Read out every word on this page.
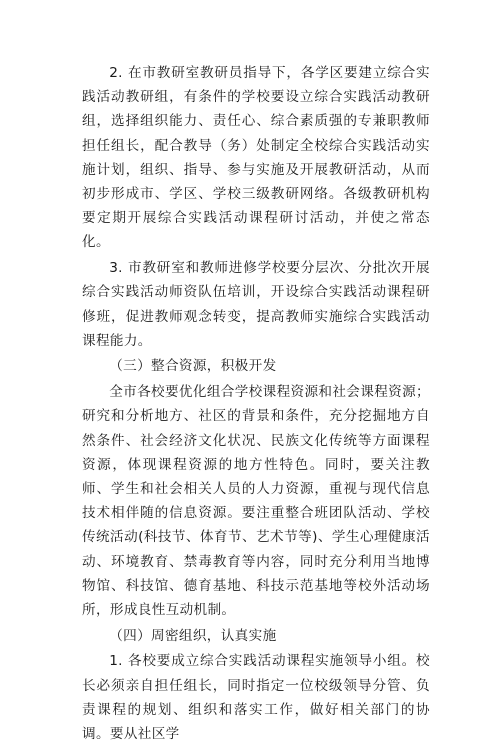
2. 在市教研室教研员指导下，各学区要建立综合实践活动教研组，有条件的学校要设立综合实践活动教研组，选择组织能力、责任心、综合素质强的专兼职教师担任组长，配合教导（务）处制定全校综合实践活动实施计划，组织、指导、参与实施及开展教研活动，从而初步形成市、学区、学校三级教研网络。各级教研机构要定期开展综合实践活动课程研讨活动，并使之常态化。

3. 市教研室和教师进修学校要分层次、分批次开展综合实践活动师资队伍培训，开设综合实践活动课程研修班，促进教师观念转变，提高教师实施综合实践活动课程能力。

（三）整合资源，积极开发

全市各校要优化组合学校课程资源和社会课程资源；研究和分析地方、社区的背景和条件，充分挖掘地方自然条件、社会经济文化状况、民族文化传统等方面课程资源，体现课程资源的地方性特色。同时，要关注教师、学生和社会相关人员的人力资源，重视与现代信息技术相伴随的信息资源。要注重整合班团队活动、学校传统活动(科技节、体育节、艺术节等)、学生心理健康活动、环境教育、禁毒教育等内容，同时充分利用当地博物馆、科技馆、德育基地、科技示范基地等校外活动场所，形成良性互动机制。

（四）周密组织，认真实施

1. 各校要成立综合实践活动课程实施领导小组。校长必须亲自担任组长，同时指定一位校级领导分管、负责课程的规划、组织和落实工作，做好相关部门的协调。要从社区学
